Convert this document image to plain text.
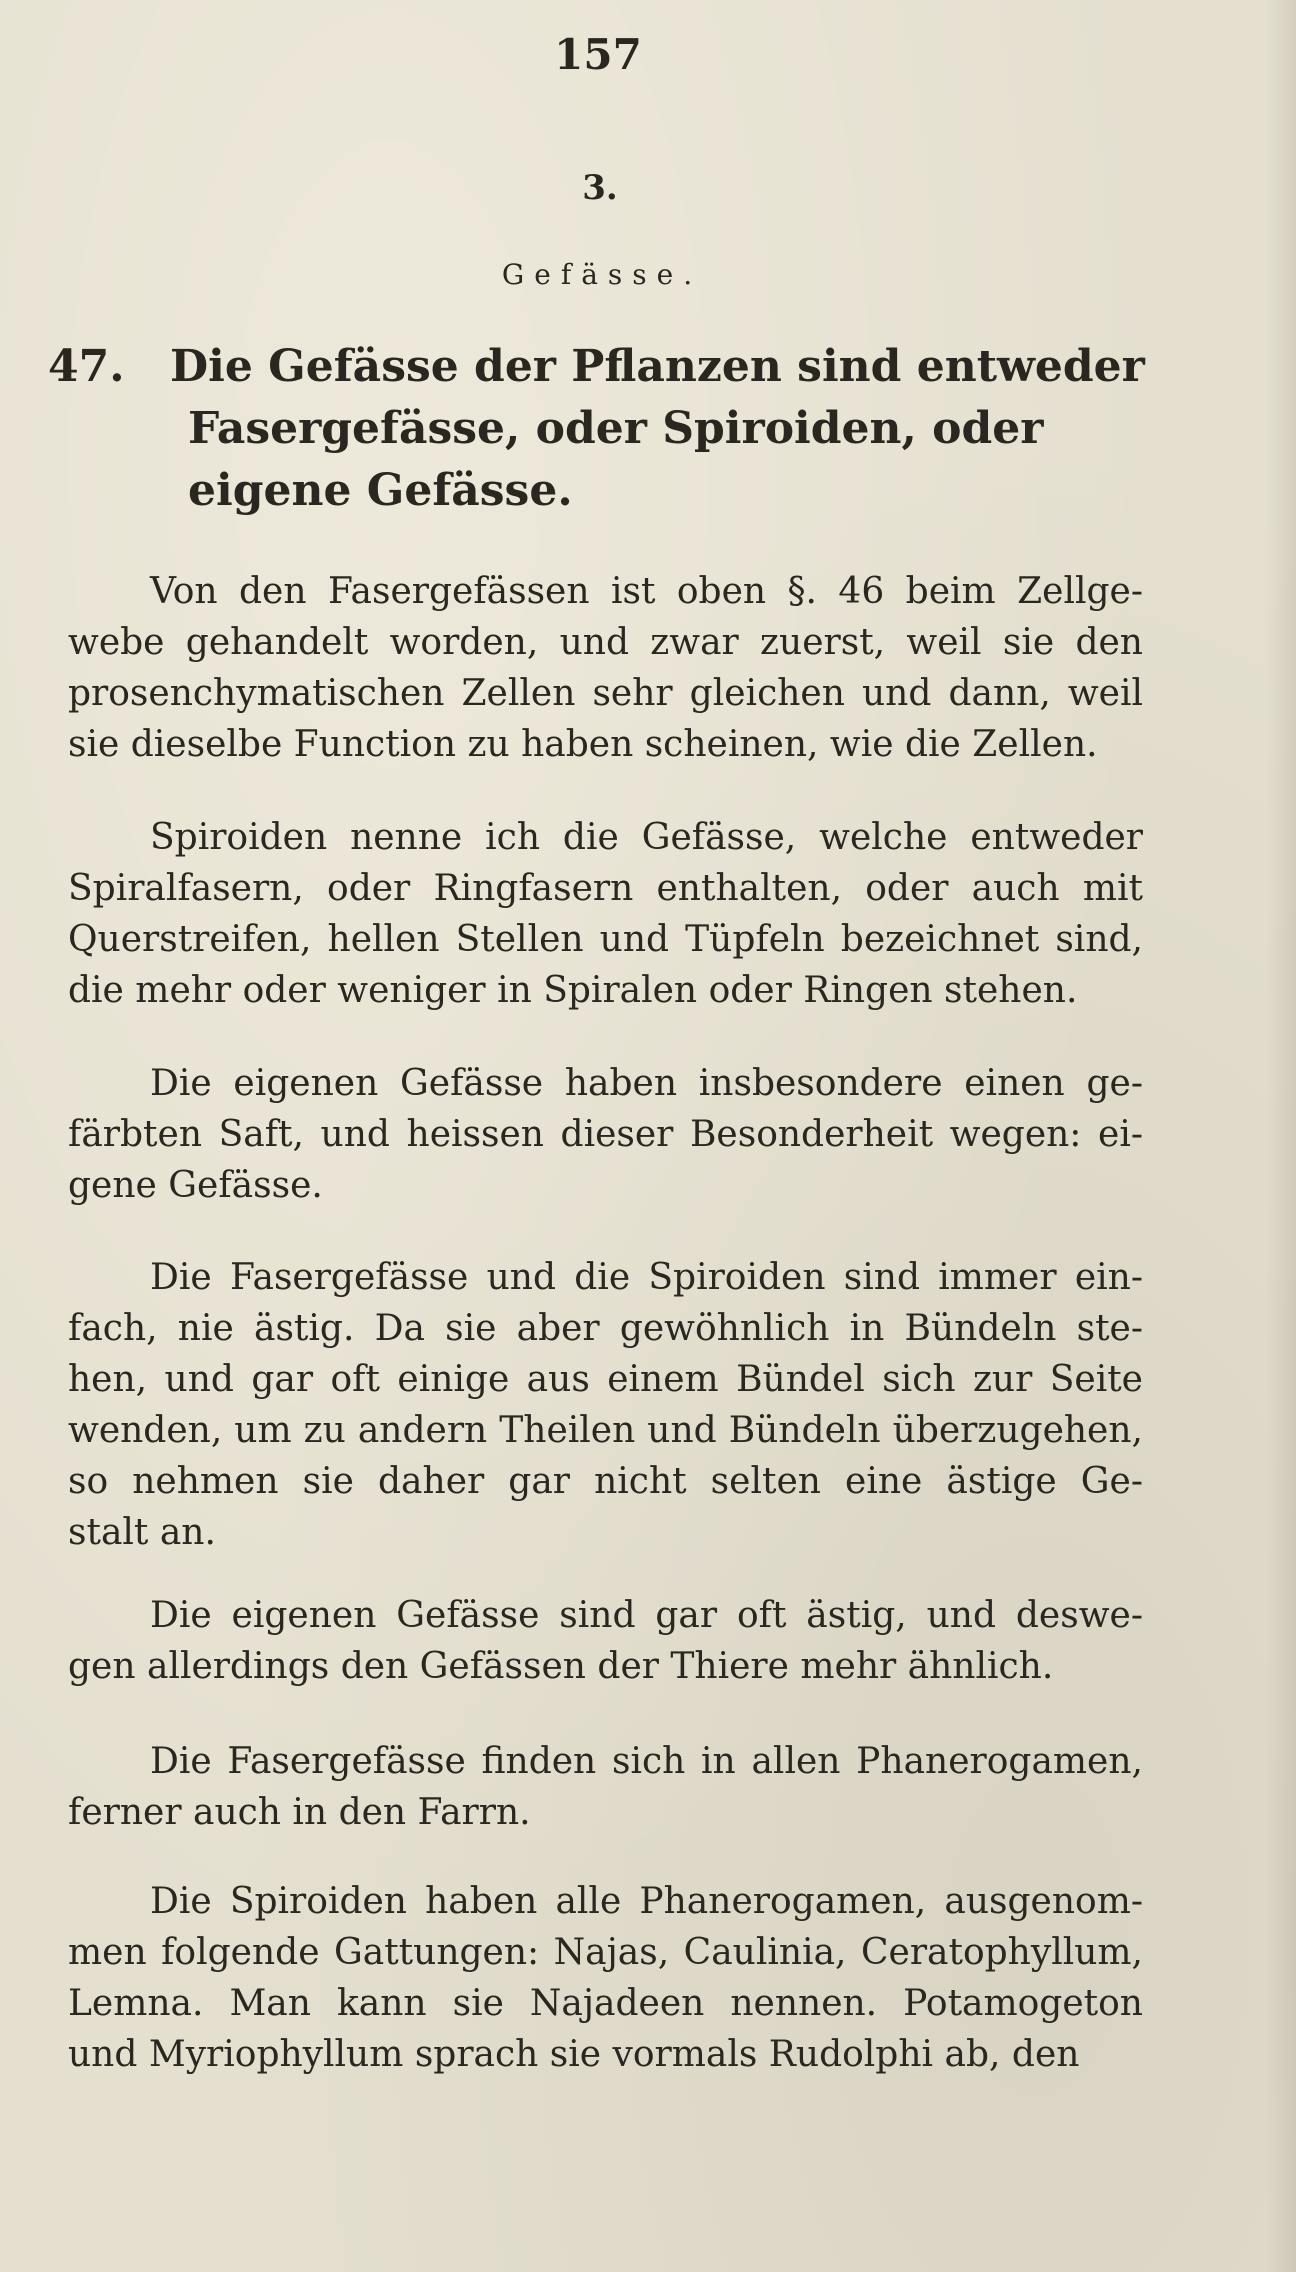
157
3.
Gefässe.
47.	Die Gefässe der Pflanzen sind entweder
Fasergefässe, oder Spiroiden, oder
eigene Gefässe.

Von den Fasergefässen ist oben §. 46 beim Zellge-
webe gehandelt worden, und zwar zuerst, weil sie den
prosenchymatischen Zellen sehr gleichen und dann, weil
sie dieselbe Function zu haben scheinen, wie die Zellen.

Spiroiden nenne ich die Gefässe, welche entweder
Spiralfasern, oder Ringfasern enthalten, oder auch mit
Querstreifen, hellen Stellen und Tüpfeln bezeichnet sind,
die mehr oder weniger in Spiralen oder Ringen stehen.

Die eigenen Gefässe haben insbesondere einen ge-
färbten Saft, und heissen dieser Besonderheit wegen: ei-
gene Gefässe.

Die Fasergefässe und die Spiroiden sind immer ein-
fach, nie ästig. Da sie aber gewöhnlich in Bündeln ste-
hen, und gar oft einige aus einem Bündel sich zur Seite
wenden, um zu andern Theilen und Bündeln überzugehen,
so nehmen sie daher gar nicht selten eine ästige Ge-
stalt an.

Die eigenen Gefässe sind gar oft ästig, und deswe-
gen allerdings den Gefässen der Thiere mehr ähnlich.

Die Fasergefässe finden sich in allen Phanerogamen,
ferner auch in den Farrn.

Die Spiroiden haben alle Phanerogamen, ausgenom-
men folgende Gattungen: Najas, Caulinia, Ceratophyllum,
Lemna. Man kann sie Najadeen nennen. Potamogeton
und Myriophyllum sprach sie vormals Rudolphi ab, den
